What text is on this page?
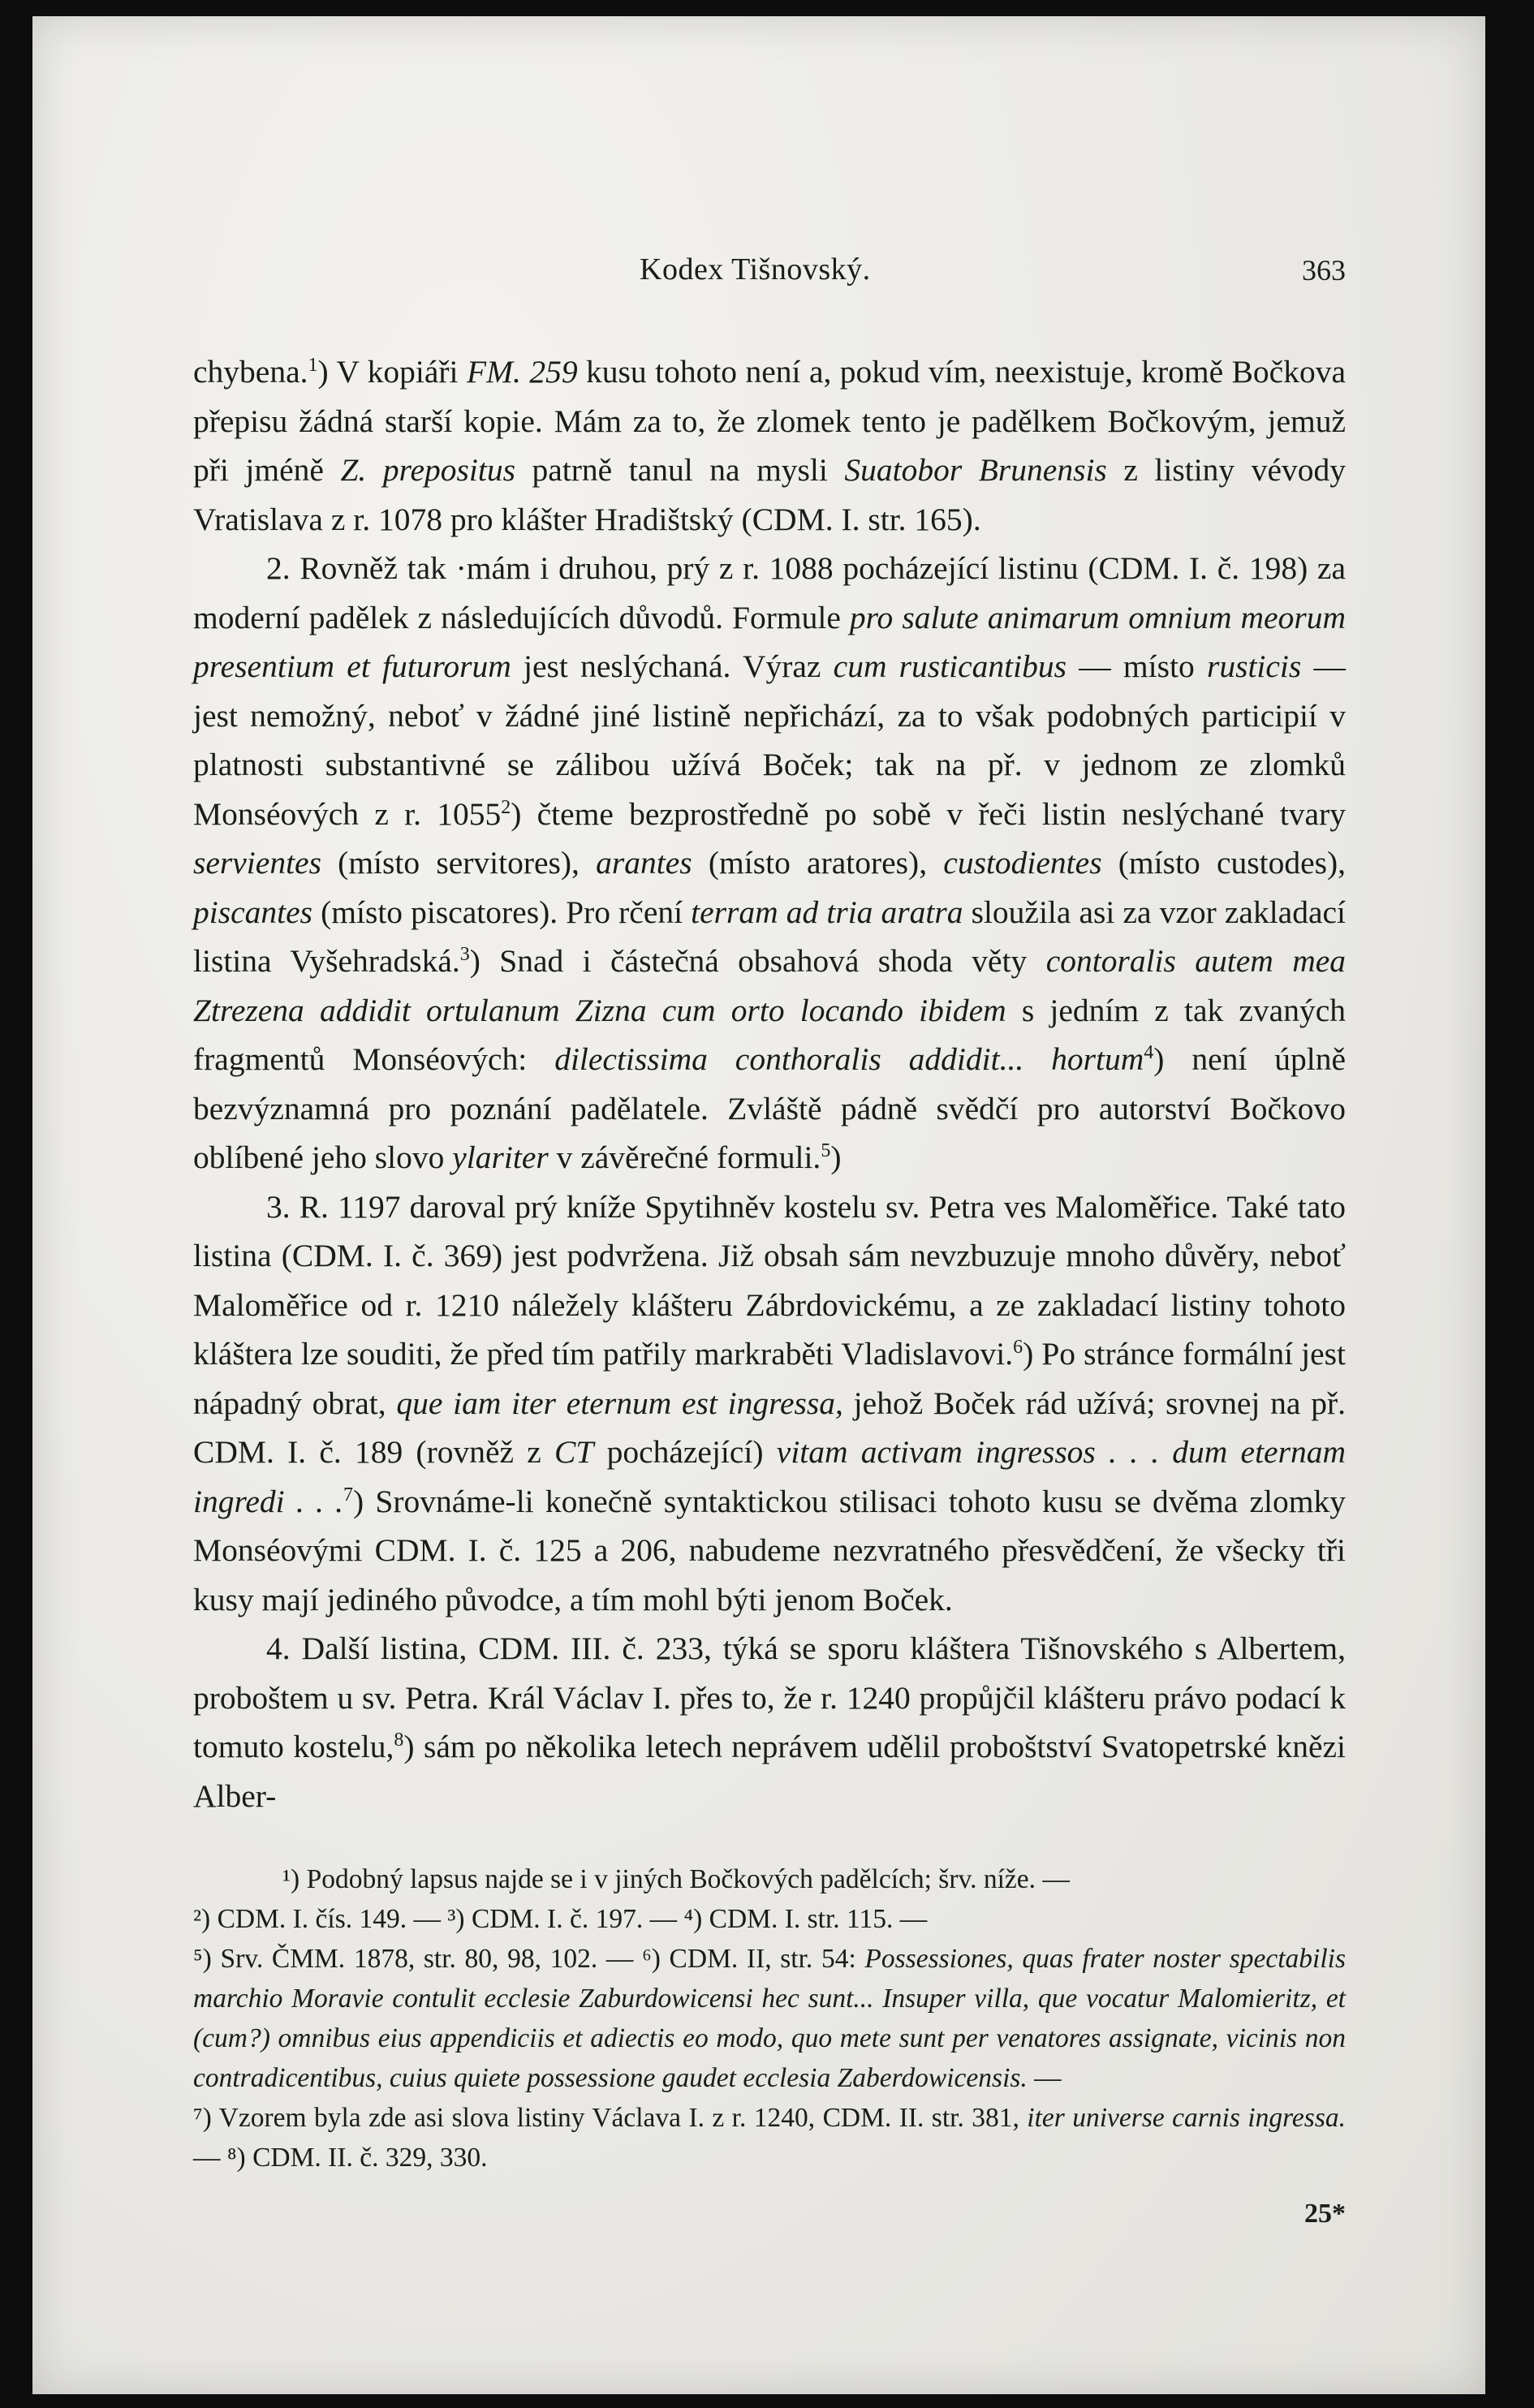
Kodex Tišnovský.	363

chybena.$^1$) V kopiáři FM. 259 kusu tohoto není a, pokud vím, neexistuje, kromě Bočkova přepisu žádná starší kopie. Mám za to, že zlomek tento je padělkem Bočkovým, jemuž při jméně Z. prepositus patrně tanul na mysli Suatobor Brunensis z listiny vévody Vratislava z r. 1078 pro klášter Hradištský (CDM. I. str. 165).

2. Rovněž tak ·mám i druhou, prý z r. 1088 pocházející listinu (CDM. I. č. 198) za moderní padělek z následujících důvodů. Formule pro salute animarum omnium meorum presentium et futurorum jest neslýchaná. Výraz cum rusticantibus — místo rusticis — jest nemožný, neboť v žádné jiné listině nepřichází, za to však podobných participií v platnosti substantivné se zálibou užívá Boček; tak na př. v jednom ze zlomků Monséových z r. 1055$^2$) čteme bezprostředně po sobě v řeči listin neslýchané tvary servientes (místo servitores), arantes (místo aratores), custodientes (místo custodes), piscantes (místo piscatores). Pro rčení terram ad tria aratra sloužila asi za vzor zakladací listina Vyšehradská.$^3$) Snad i částečná obsahová shoda věty contoralis autem mea Ztrezena addidit ortulanum Zizna cum orto locando ibidem s jedním z tak zvaných fragmentů Monséových: dilectissima conthoralis addidit... hortum$^4$) není úplně bezvýznamná pro poznání padělatele. Zvláště pádně svědčí pro autorství Bočkovo oblíbené jeho slovo ylariter v závěrečné formuli.$^5$)

3. R. 1197 daroval prý kníže Spytihněv kostelu sv. Petra ves Maloměřice. Také tato listina (CDM. I. č. 369) jest podvržena. Již obsah sám nevzbuzuje mnoho důvěry, neboť Maloměřice od r. 1210 náležely klášteru Zábrdovickému, a ze zakladací listiny tohoto kláštera lze souditi, že před tím patřily markraběti Vladislavovi.$^6$) Po stránce formální jest nápadný obrat, que iam iter eternum est ingressa, jehož Boček rád užívá; srovnej na př. CDM. I. č. 189 (rovněž z CT pocházející) vitam activam ingressos . . . dum eternam ingredi . . .$^7$) Srovnáme-li konečně syntaktickou stilisaci tohoto kusu se dvěma zlomky Monséovými CDM. I. č. 125 a 206, nabudeme nezvratného přesvědčení, že všecky tři kusy mají jediného původce, a tím mohl býti jenom Boček.

4. Další listina, CDM. III. č. 233, týká se sporu kláštera Tišnovského s Albertem, proboštem u sv. Petra. Král Václav I. přes to, že r. 1240 propůjčil klášteru právo podací k tomuto kostelu,$^8$) sám po několika letech neprávem udělil proboštství Svatopetrské knězi Alber-

¹) Podobný lapsus najde se i v jiných Bočkových padělcích; šrv. níže. —

²) CDM. I. čís. 149. — ³) CDM. I. č. 197. — ⁴) CDM. I. str. 115. —

⁵) Srv. ČMM. 1878, str. 80, 98, 102. — ⁶) CDM. II, str. 54: Possessiones, quas frater noster spectabilis marchio Moravie contulit ecclesie Zaburdowicensi hec sunt... Insuper villa, que vocatur Malomieritz, et (cum?) omnibus eius appendiciis et adiectis eo modo, quo mete sunt per venatores assignate, vicinis non contradicentibus, cuius quiete possessione gaudet ecclesia Zaberdowicensis. —

⁷) Vzorem byla zde asi slova listiny Václava I. z r. 1240, CDM. II. str. 381, iter universe carnis ingressa. — ⁸) CDM. II. č. 329, 330.

25*
